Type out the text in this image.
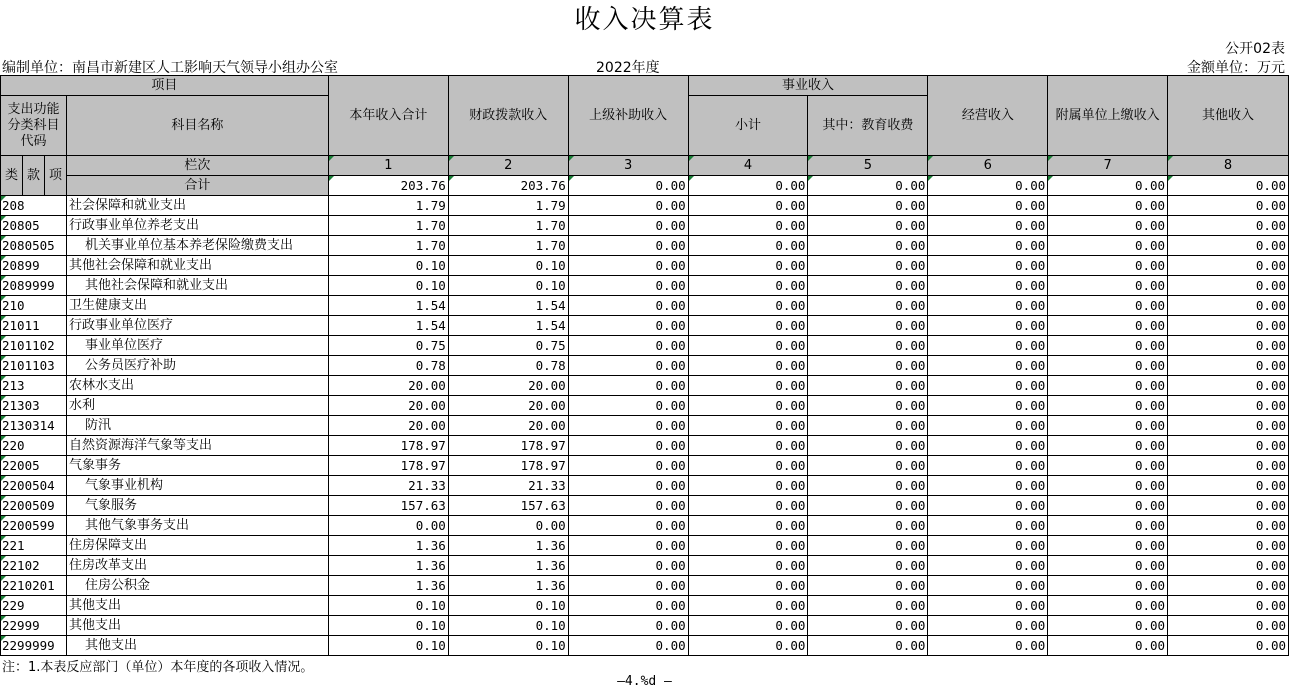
收入决算表
公开02表
编制单位：南昌市新建区人工影响天气领导小组办公室	2022年度	金额单位：万元
项目				本年收入合计	财政拨款收入	上级补助收入	事业收入		经营收入	附属单位上缴收入	其他收入
支出功能分类科目代码			科目名称				小计	其中：教育收费			

类	款	项	栏次	1	2	3	4	5	6	7	8
			合计	203.76	203.76	0.00	0.00	0.00	0.00	0.00	0.00
208			社会保障和就业支出	1.79	1.79	0.00	0.00	0.00	0.00	0.00	0.00
20805			行政事业单位养老支出	1.70	1.70	0.00	0.00	0.00	0.00	0.00	0.00
2080505			机关事业单位基本养老保险缴费支出	1.70	1.70	0.00	0.00	0.00	0.00	0.00	0.00
20899			其他社会保障和就业支出	0.10	0.10	0.00	0.00	0.00	0.00	0.00	0.00
2089999			其他社会保障和就业支出	0.10	0.10	0.00	0.00	0.00	0.00	0.00	0.00
210			卫生健康支出	1.54	1.54	0.00	0.00	0.00	0.00	0.00	0.00
21011			行政事业单位医疗	1.54	1.54	0.00	0.00	0.00	0.00	0.00	0.00
2101102			事业单位医疗	0.75	0.75	0.00	0.00	0.00	0.00	0.00	0.00
2101103			公务员医疗补助	0.78	0.78	0.00	0.00	0.00	0.00	0.00	0.00
213			农林水支出	20.00	20.00	0.00	0.00	0.00	0.00	0.00	0.00
21303			水利	20.00	20.00	0.00	0.00	0.00	0.00	0.00	0.00
2130314			防汛	20.00	20.00	0.00	0.00	0.00	0.00	0.00	0.00
220			自然资源海洋气象等支出	178.97	178.97	0.00	0.00	0.00	0.00	0.00	0.00
22005			气象事务	178.97	178.97	0.00	0.00	0.00	0.00	0.00	0.00
2200504			气象事业机构	21.33	21.33	0.00	0.00	0.00	0.00	0.00	0.00
2200509			气象服务	157.63	157.63	0.00	0.00	0.00	0.00	0.00	0.00
2200599			其他气象事务支出	0.00	0.00	0.00	0.00	0.00	0.00	0.00	0.00
221			住房保障支出	1.36	1.36	0.00	0.00	0.00	0.00	0.00	0.00
22102			住房改革支出	1.36	1.36	0.00	0.00	0.00	0.00	0.00	0.00
2210201			住房公积金	1.36	1.36	0.00	0.00	0.00	0.00	0.00	0.00
229			其他支出	0.10	0.10	0.00	0.00	0.00	0.00	0.00	0.00
22999			其他支出	0.10	0.10	0.00	0.00	0.00	0.00	0.00	0.00
2299999			其他支出	0.10	0.10	0.00	0.00	0.00	0.00	0.00	0.00
注：1.本表反应部门（单位）本年度的各项收入情况。
—4.%d —
